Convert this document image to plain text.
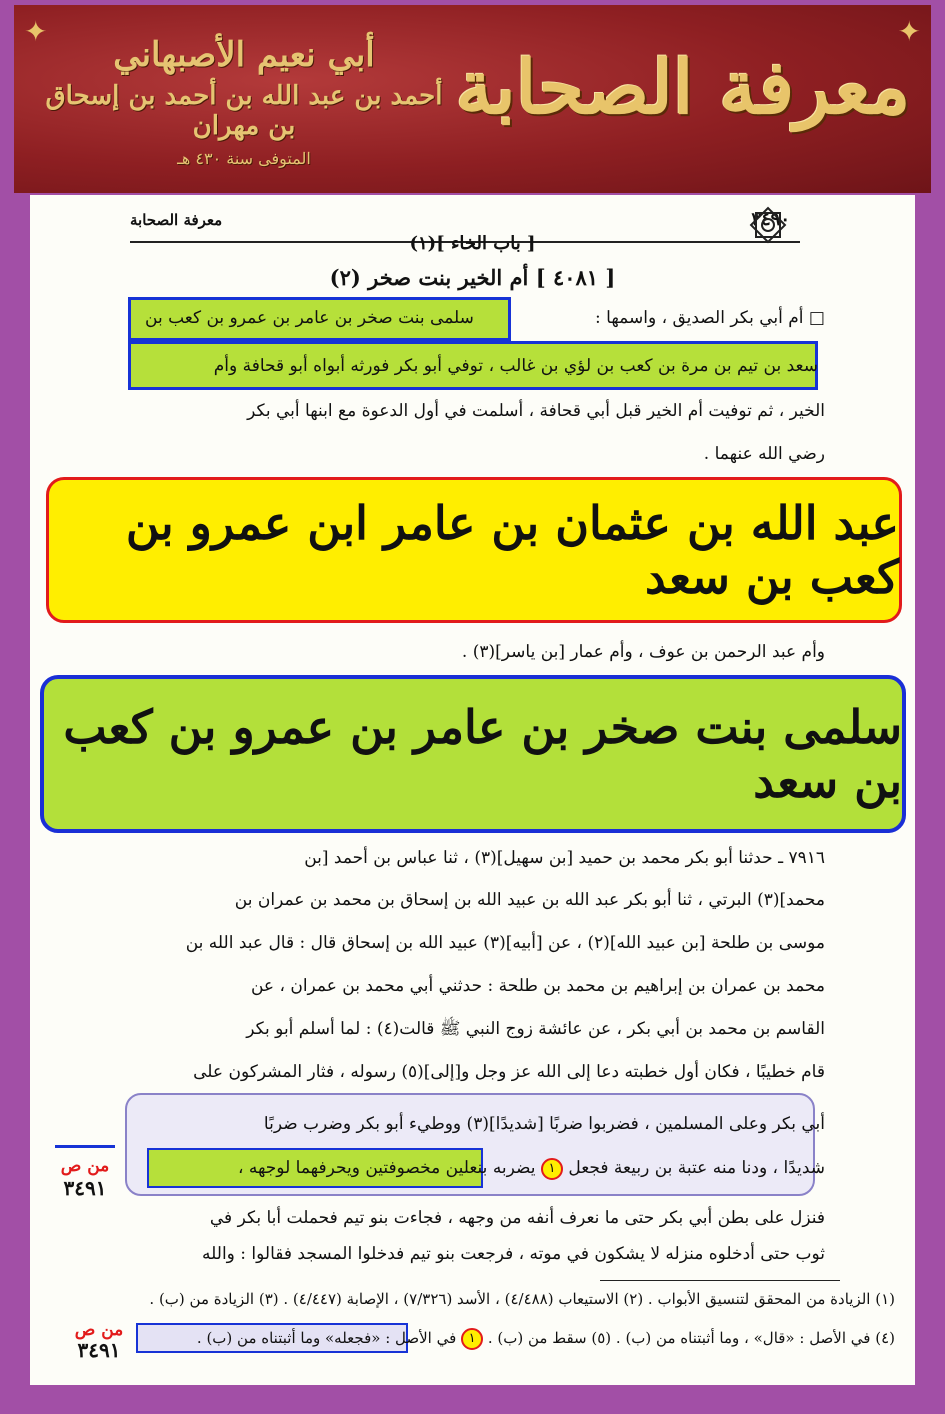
معرفة الصحابة
أبي نعيم الأصبهاني
أحمد بن عبد الله بن أحمد بن إسحاق بن مهران
المتوفى سنة ٤٣٠ هـ
✦	✦
٣٤٩٠
معرفة الصحابة
[ باب الخاء ](١)
[ ٤٠٨١ ] أم الخير بنت صخر (٢)
□ أم أبي بكر الصديق ، واسمها :
سلمى بنت صخر بن عامر بن عمرو بن كعب بن
سعد بن تيم بن مرة بن كعب بن لؤي بن غالب ، توفي أبو بكر فورثه أبواه أبو قحافة وأم
الخير ، ثم توفيت أم الخير قبل أبي قحافة ، أسلمت في أول الدعوة مع ابنها أبي بكر
رضي الله عنهما .
عبد الله بن عثمان بن عامر ابن عمرو بن كعب بن سعد
وأم عبد الرحمن بن عوف ، وأم عمار [بن ياسر](٣) .
سلمى بنت صخر بن عامر بن عمرو بن كعب بن سعد
٧٩١٦ ـ حدثنا أبو بكر محمد بن حميد [بن سهيل](٣) ، ثنا عباس بن أحمد [بن
محمد](٣) البرتي ، ثنا أبو بكر عبد الله بن عبيد الله بن إسحاق بن محمد بن عمران بن
موسى بن طلحة [بن عبيد الله](٢) ، عن [أبيه](٣) عبيد الله بن إسحاق قال : قال عبد الله بن
محمد بن عمران بن إبراهيم بن محمد بن طلحة : حدثني أبي محمد بن عمران ، عن
القاسم بن محمد بن أبي بكر ، عن عائشة زوج النبي ﷺ قالت(٤) : لما أسلم أبو بكر
قام خطيبًا ، فكان أول خطبته دعا إلى الله عز وجل و[إلى](٥) رسوله ، فثار المشركون على
أبي بكر وعلى المسلمين ، فضربوا ضربًا [شديدًا](٣) ووطيء أبو بكر وضرب ضربًا
شديدًا ، ودنا منه عتبة بن ربيعة فجعل ١ يضربه بنعلين مخصوفتين ويحرفهما لوجهه ،
فنزل على بطن أبي بكر حتى ما نعرف أنفه من وجهه ، فجاءت بنو تيم فحملت أبا بكر في
ثوب حتى أدخلوه منزله لا يشكون في موته ، فرجعت بنو تيم فدخلوا المسجد فقالوا : والله
(١) الزيادة من المحقق لتنسيق الأبواب . (٢) الاستيعاب (٤/٤٨٨) ، الأسد (٧/٣٢٦) ، الإصابة (٤/٤٤٧) . (٣) الزيادة من (ب) .
(٤) في الأصل : «قال» ، وما أثبتناه من (ب) . (٥) سقط من (ب) . ١ في الأصل : «فجعله» وما أثبتناه من (ب) .
من ص
٣٤٩١
من ص
٣٤٩١
